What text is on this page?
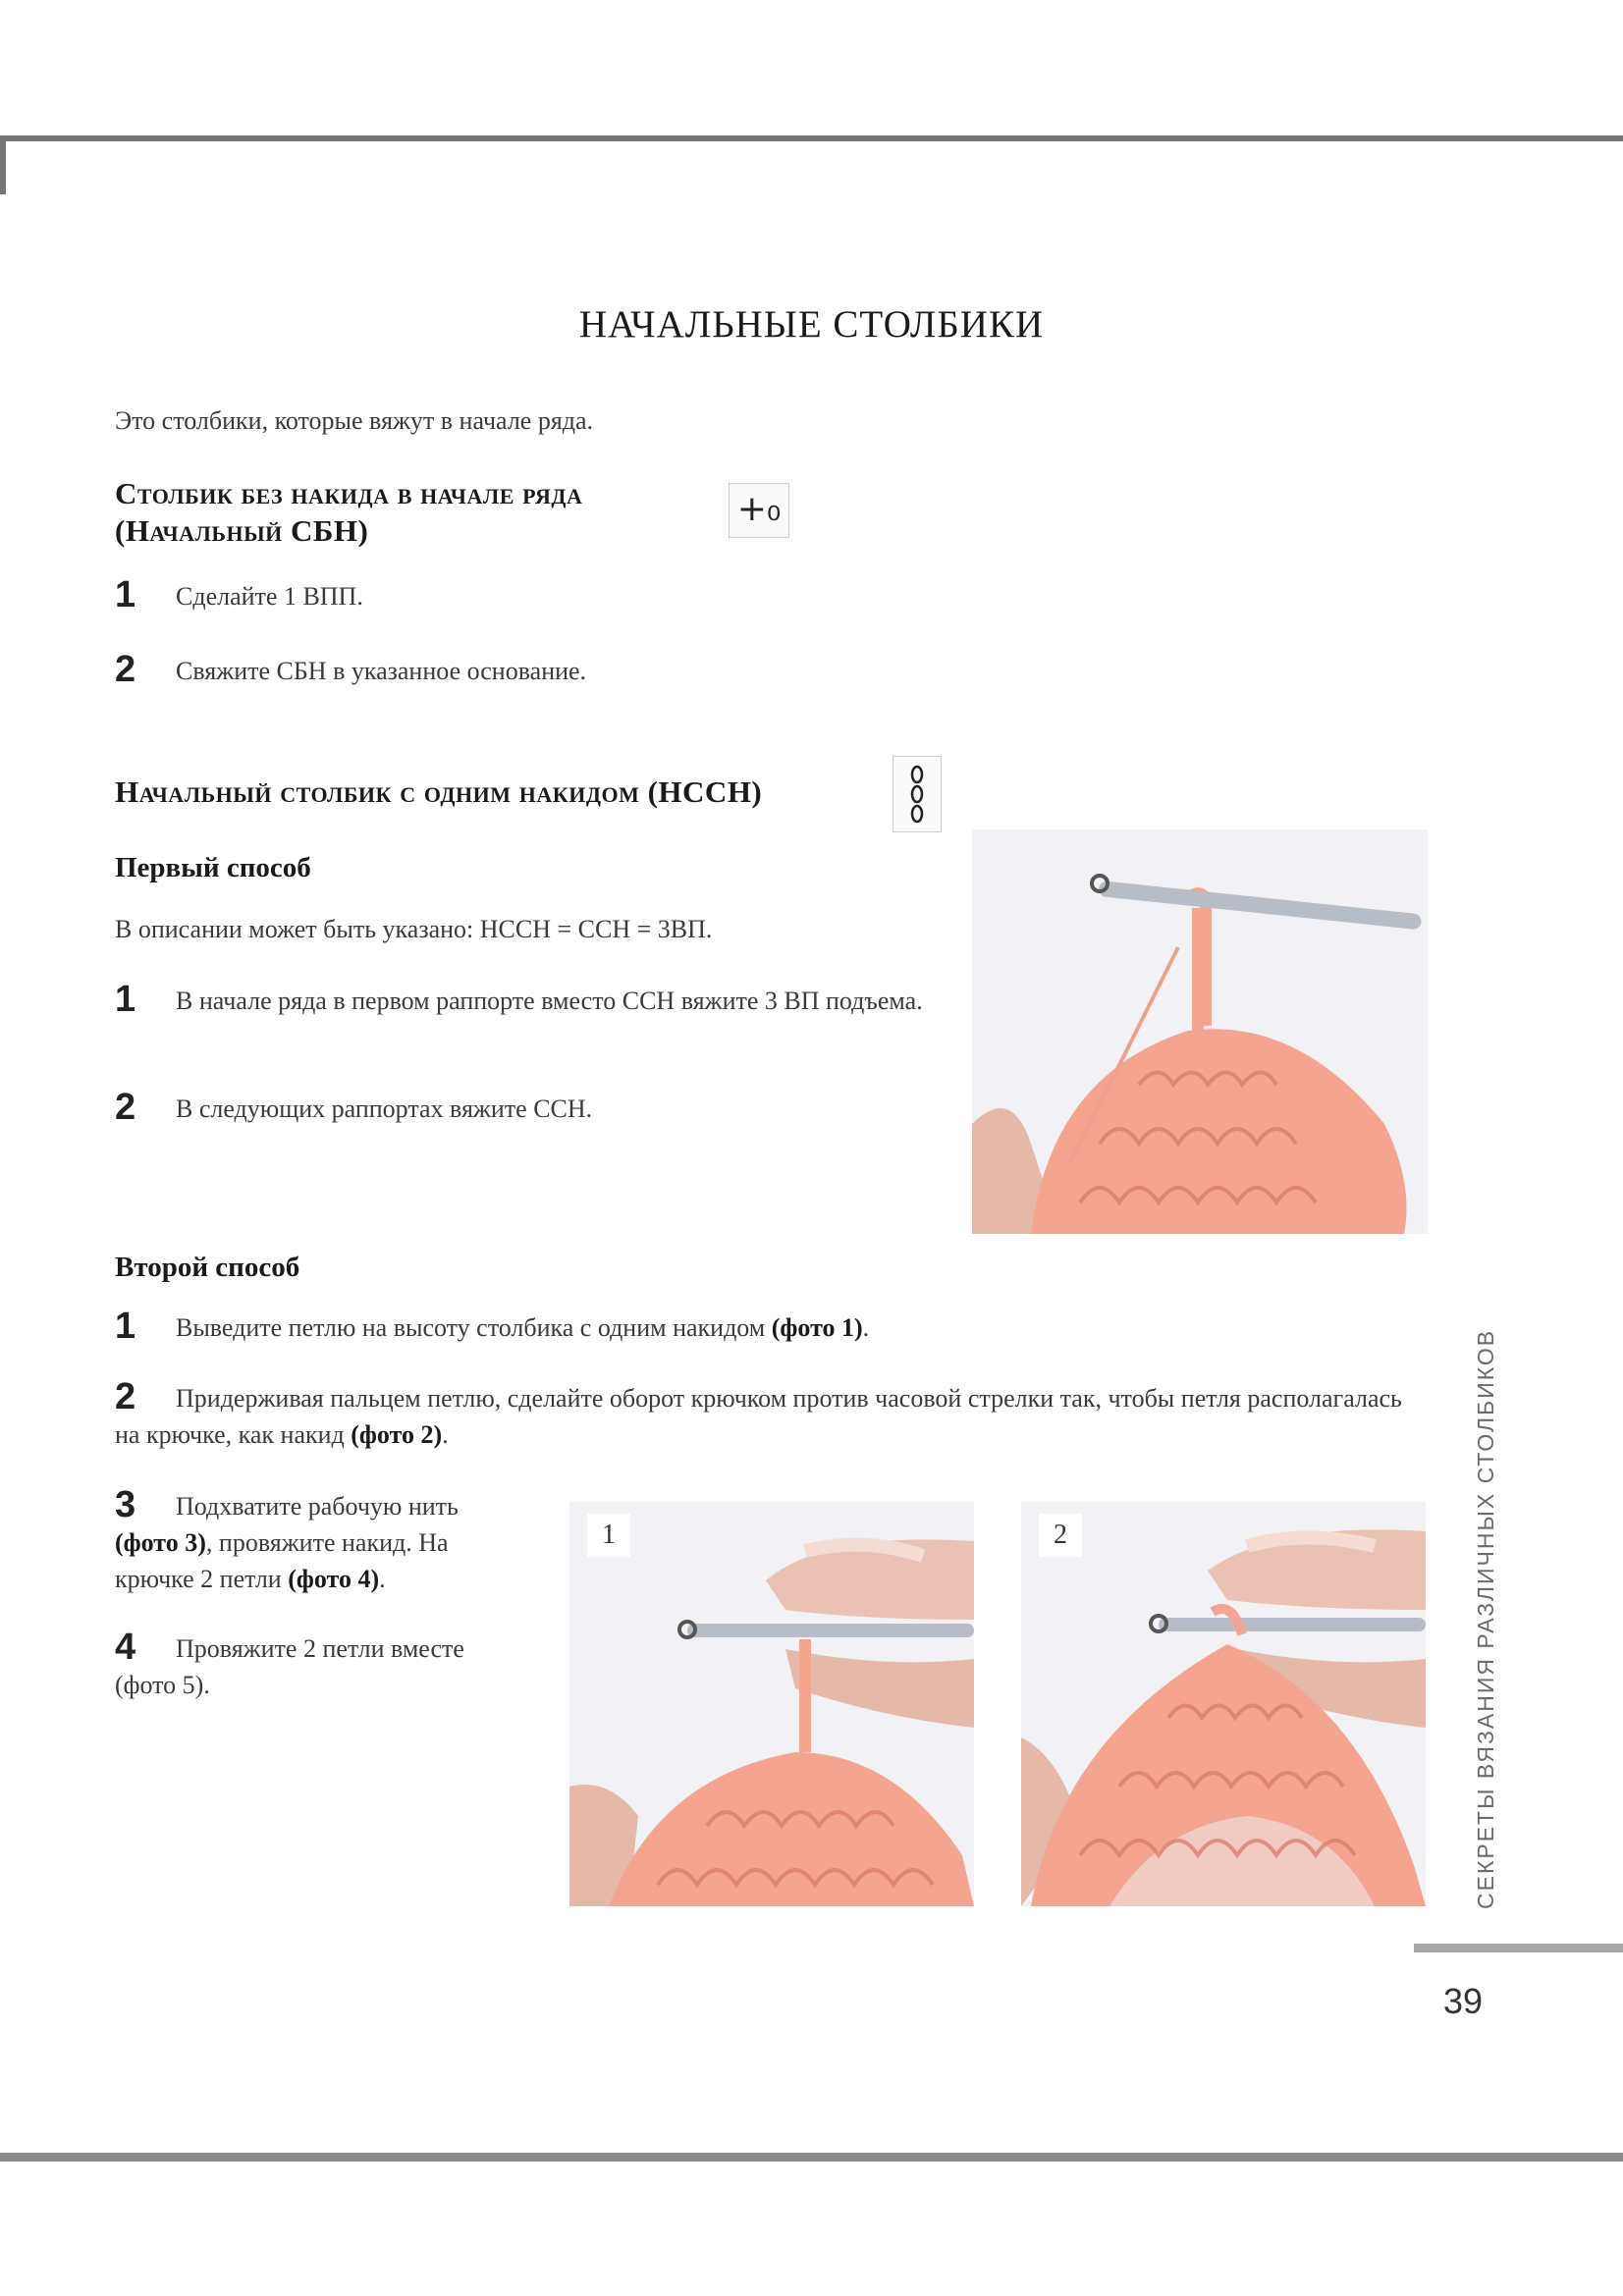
НАЧАЛЬНЫЕ СТОЛБИКИ
Это столбики, которые вяжут в начале ряда.
Столбик без накида в начале ряда
(Начальный СБН)
+₀
1 Сделайте 1 ВПП.
2 Свяжите СБН в указанное основание.
Начальный столбик с одним накидом (НССН)
Первый способ
В описании может быть указано: НССН = ССН = 3ВП.
1 В начале ряда в первом раппорте вместо ССН вяжите 3 ВП подъема.
2 В следующих раппортах вяжите ССН.
Второй способ
1 Выведите петлю на высоту столбика с одним накидом (фото 1).
2 Придерживая пальцем петлю, сделайте оборот крючком против часовой стрелки так, чтобы петля располагалась на крючке, как накид (фото 2).
3 Подхватите рабочую нить (фото 3), провяжите накид. На крючке 2 петли (фото 4).
4 Провяжите 2 петли вместе (фото 5).
1	2	СЕКРЕТЫ ВЯЗАНИЯ РАЗЛИЧНЫХ СТОЛБИКОВ
39
